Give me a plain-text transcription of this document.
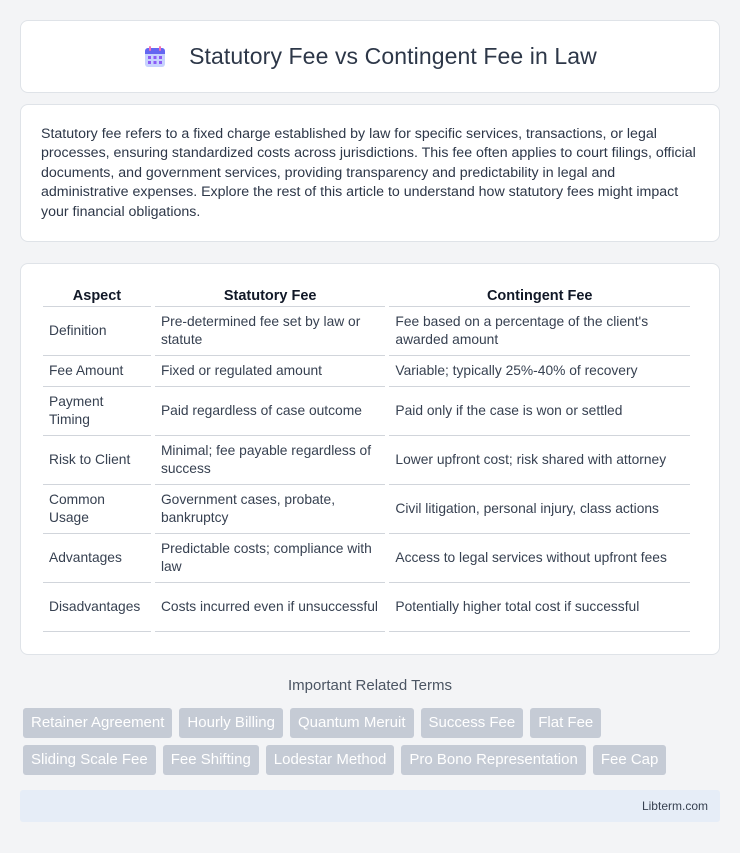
Statutory Fee vs Contingent Fee in Law

Statutory fee refers to a fixed charge established by law for specific services, transactions, or legal processes, ensuring standardized costs across jurisdictions. This fee often applies to court filings, official documents, and government services, providing transparency and predictability in legal and administrative expenses. Explore the rest of this article to understand how statutory fees might impact your financial obligations.

Aspect	Statutory Fee	Contingent Fee
Definition	Pre-determined fee set by law or statute	Fee based on a percentage of the client's awarded amount
Fee Amount	Fixed or regulated amount	Variable; typically 25%-40% of recovery
Payment Timing	Paid regardless of case outcome	Paid only if the case is won or settled
Risk to Client	Minimal; fee payable regardless of success	Lower upfront cost; risk shared with attorney
Common Usage	Government cases, probate, bankruptcy	Civil litigation, personal injury, class actions
Advantages	Predictable costs; compliance with law	Access to legal services without upfront fees
Disadvantages	Costs incurred even if unsuccessful	Potentially higher total cost if successful
Important Related Terms
Retainer Agreement	Hourly Billing	Quantum Meruit	Success Fee	Flat Fee
Sliding Scale Fee	Fee Shifting	Lodestar Method	Pro Bono Representation	Fee Cap
Libterm.com
